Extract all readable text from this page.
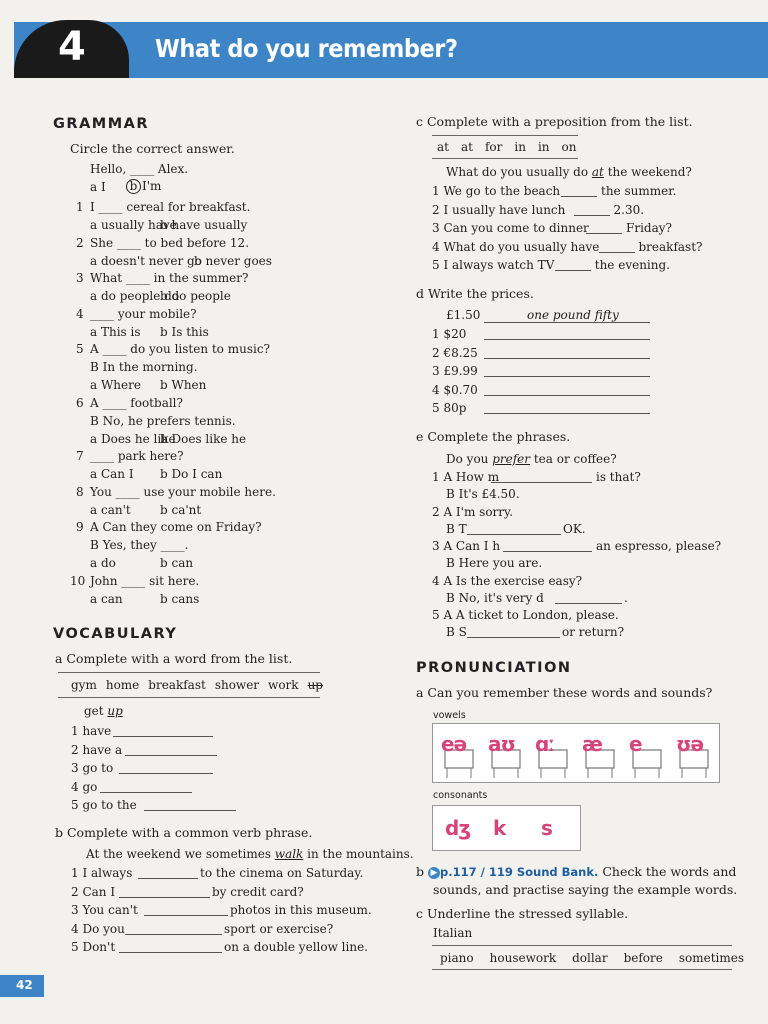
4	What do you remember?
GRAMMAR
Circle the correct answer.
Hello, ____ Alex.
a I	b I'm
1 I ____ cereal for breakfast.
a usually have
b have usually
2 She ____ to bed before 12.
a doesn't never go
b never goes
3 What ____ in the summer?
a do people do
b do people
4 ____ your mobile?
a This is b Is this
5 A ____ do you listen to music?
B In the morning.
a Where b When
6 A ____ football?
B No, he prefers tennis.
a Does he like
b Does like he
7 ____ park here?
a Can I b Do I can
8 You ____ use your mobile here.
a can't b ca'nt
9 A Can they come on Friday?
B Yes, they ____.
a do	b can
10 John ____ sit here.
a can	b cans
VOCABULARY
a Complete with a word from the list.
gym home breakfast shower work up
get up
1 have
2 have a
3 go to
4 go
5 go to the
b Complete with a common verb phrase.
At the weekend we sometimes walk in the mountains.
1 I always	to the cinema on Saturday.
2 Can I	by credit card?
3 You can't	photos in this museum.
4 Do you	sport or exercise?
5 Don't	on a double yellow line.
c Complete with a preposition from the list.
at at for in in on
What do you usually do at the weekend?
1 We go to the beach	the summer.
2 I usually have lunch	2.30.
3 Can you come to dinner	Friday?
4 What do you usually have	breakfast?
5 I always watch TV	the evening.
d Write the prices.
£1.50	one pound fifty
1 $20
2 €8.25
3 £9.99
4 $0.70
5 80p
e Complete the phrases.
Do you prefer tea or coffee?
1 A How m	is that?
B It's £4.50.
2 A I'm sorry.
B T	OK.
3 A Can I h	an espresso, please?
B Here you are.
4 A Is the exercise easy?
B No, it's very d	.
5 A A ticket to London, please.
B S	or return?
PRONUNCIATION
a Can you remember these words and sounds?
vowels
eə aʊ ɑː æ e ʊə
consonants
dʒ k s
b ▶ p.117 / 119 Sound Bank. Check the words and
sounds, and practise saying the example words.
c Underline the stressed syllable.
Italian
piano housework dollar before sometimes
42
